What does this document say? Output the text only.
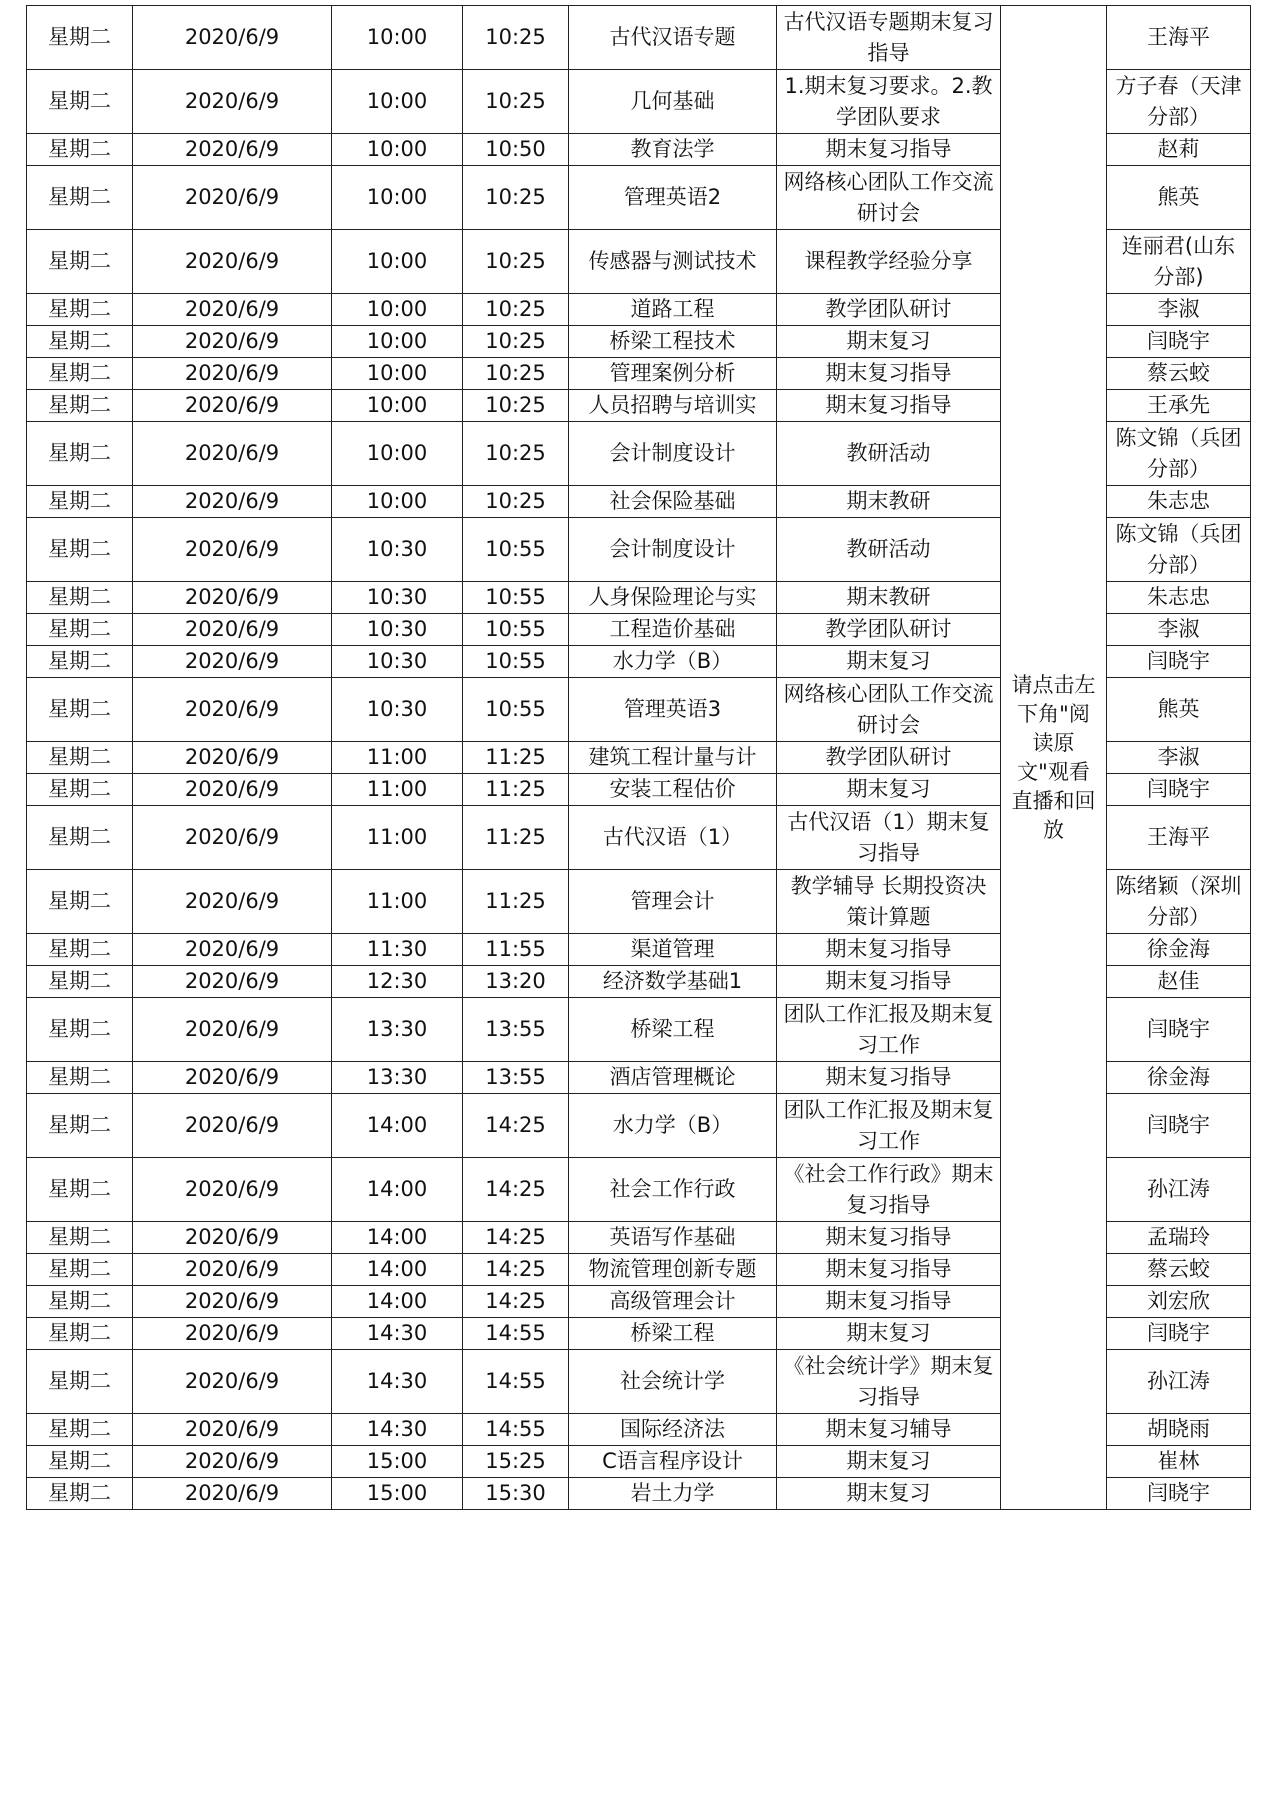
星期二	2020/6/9	10:00	10:25	古代汉语专题	古代汉语专题期末复习指导	请点击左下角"阅读原文"观看直播和回放	王海平
星期二	2020/6/9	10:00	10:25	几何基础	1.期末复习要求。2.教学团队要求		方子春（天津分部）
星期二	2020/6/9	10:00	10:50	教育法学	期末复习指导		赵莉
星期二	2020/6/9	10:00	10:25	管理英语2	网络核心团队工作交流研讨会		熊英
星期二	2020/6/9	10:00	10:25	传感器与测试技术	课程教学经验分享		连丽君(山东分部)
星期二	2020/6/9	10:00	10:25	道路工程	教学团队研讨		李淑
星期二	2020/6/9	10:00	10:25	桥梁工程技术	期末复习		闫晓宇
星期二	2020/6/9	10:00	10:25	管理案例分析	期末复习指导		蔡云蛟
星期二	2020/6/9	10:00	10:25	人员招聘与培训实	期末复习指导		王承先
星期二	2020/6/9	10:00	10:25	会计制度设计	教研活动		陈文锦（兵团分部）
星期二	2020/6/9	10:00	10:25	社会保险基础	期末教研		朱志忠
星期二	2020/6/9	10:30	10:55	会计制度设计	教研活动		陈文锦（兵团分部）
星期二	2020/6/9	10:30	10:55	人身保险理论与实	期末教研		朱志忠
星期二	2020/6/9	10:30	10:55	工程造价基础	教学团队研讨		李淑
星期二	2020/6/9	10:30	10:55	水力学（B）	期末复习		闫晓宇
星期二	2020/6/9	10:30	10:55	管理英语3	网络核心团队工作交流研讨会		熊英
星期二	2020/6/9	11:00	11:25	建筑工程计量与计	教学团队研讨		李淑
星期二	2020/6/9	11:00	11:25	安装工程估价	期末复习		闫晓宇
星期二	2020/6/9	11:00	11:25	古代汉语（1）	古代汉语（1）期末复习指导		王海平
星期二	2020/6/9	11:00	11:25	管理会计	教学辅导 长期投资决策计算题		陈绪颖（深圳分部）
星期二	2020/6/9	11:30	11:55	渠道管理	期末复习指导		徐金海
星期二	2020/6/9	12:30	13:20	经济数学基础1	期末复习指导		赵佳
星期二	2020/6/9	13:30	13:55	桥梁工程	团队工作汇报及期末复习工作		闫晓宇
星期二	2020/6/9	13:30	13:55	酒店管理概论	期末复习指导		徐金海
星期二	2020/6/9	14:00	14:25	水力学（B）	团队工作汇报及期末复习工作		闫晓宇
星期二	2020/6/9	14:00	14:25	社会工作行政	《社会工作行政》期末复习指导		孙江涛
星期二	2020/6/9	14:00	14:25	英语写作基础	期末复习指导		孟瑞玲
星期二	2020/6/9	14:00	14:25	物流管理创新专题	期末复习指导		蔡云蛟
星期二	2020/6/9	14:00	14:25	高级管理会计	期末复习指导		刘宏欣
星期二	2020/6/9	14:30	14:55	桥梁工程	期末复习		闫晓宇
星期二	2020/6/9	14:30	14:55	社会统计学	《社会统计学》期末复习指导		孙江涛
星期二	2020/6/9	14:30	14:55	国际经济法	期末复习辅导		胡晓雨
星期二	2020/6/9	15:00	15:25	C语言程序设计	期末复习		崔林
星期二	2020/6/9	15:00	15:30	岩土力学	期末复习		闫晓宇
